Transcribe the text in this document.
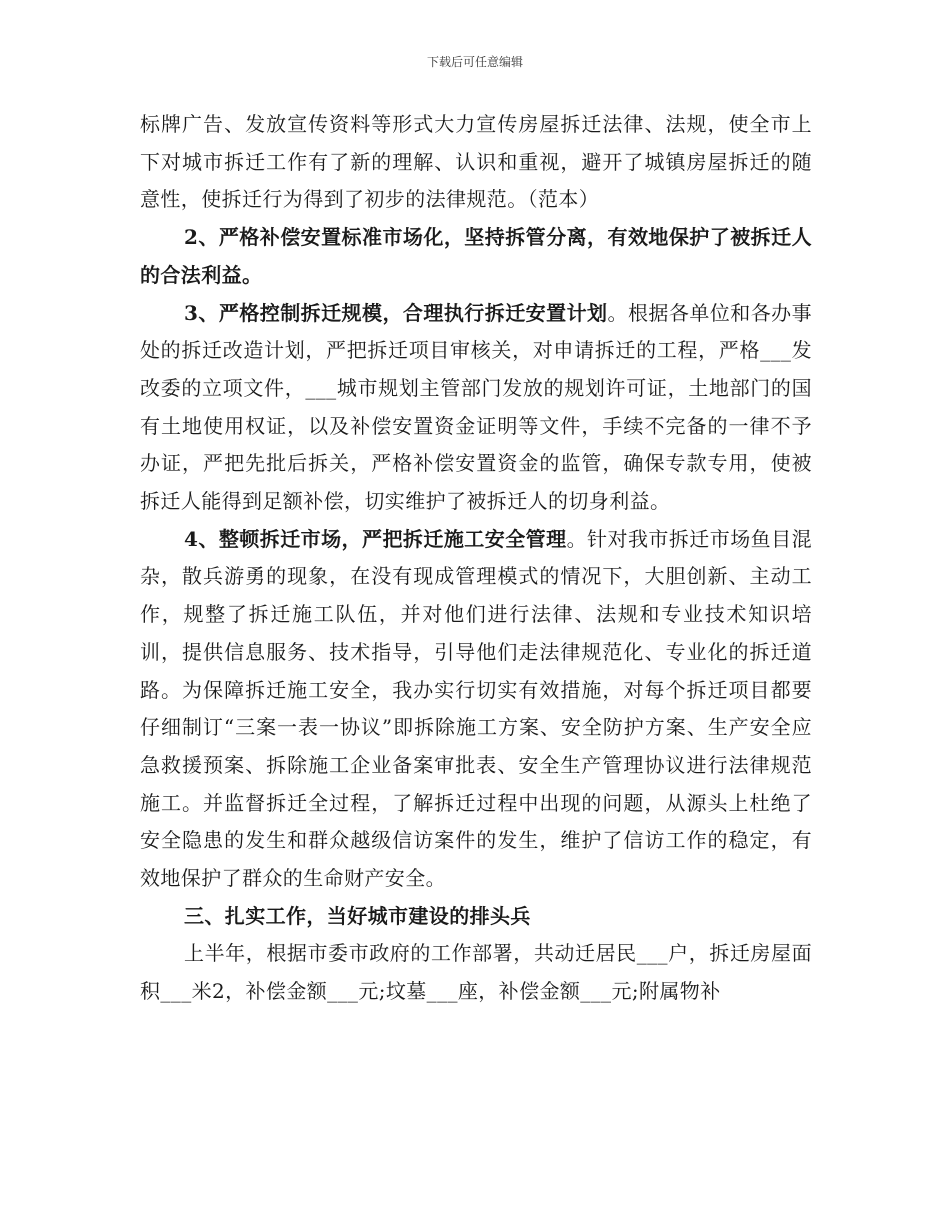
下载后可任意编辑

标牌广告、发放宣传资料等形式大力宣传房屋拆迁法律、法规，使全市上下对城市拆迁工作有了新的理解、认识和重视，避开了城镇房屋拆迁的随意性，使拆迁行为得到了初步的法律规范。（范本）

2、严格补偿安置标准市场化，坚持拆管分离，有效地保护了被拆迁人的合法利益。

3、严格控制拆迁规模，合理执行拆迁安置计划。根据各单位和各办事处的拆迁改造计划，严把拆迁项目审核关，对申请拆迁的工程，严格___发改委的立项文件，___城市规划主管部门发放的规划许可证，土地部门的国有土地使用权证，以及补偿安置资金证明等文件，手续不完备的一律不予办证，严把先批后拆关，严格补偿安置资金的监管，确保专款专用，使被拆迁人能得到足额补偿，切实维护了被拆迁人的切身利益。

4、整顿拆迁市场，严把拆迁施工安全管理。针对我市拆迁市场鱼目混杂，散兵游勇的现象，在没有现成管理模式的情况下，大胆创新、主动工作，规整了拆迁施工队伍，并对他们进行法律、法规和专业技术知识培训，提供信息服务、技术指导，引导他们走法律规范化、专业化的拆迁道路。为保障拆迁施工安全，我办实行切实有效措施，对每个拆迁项目都要仔细制订“三案一表一协议”即拆除施工方案、安全防护方案、生产安全应急救援预案、拆除施工企业备案审批表、安全生产管理协议进行法律规范施工。并监督拆迁全过程，了解拆迁过程中出现的问题，从源头上杜绝了安全隐患的发生和群众越级信访案件的发生，维护了信访工作的稳定，有效地保护了群众的生命财产安全。

三、扎实工作，当好城市建设的排头兵

上半年，根据市委市政府的工作部署，共动迁居民___户，拆迁房屋面积___米2，补偿金额___元;坟墓___座，补偿金额___元;附属物补
